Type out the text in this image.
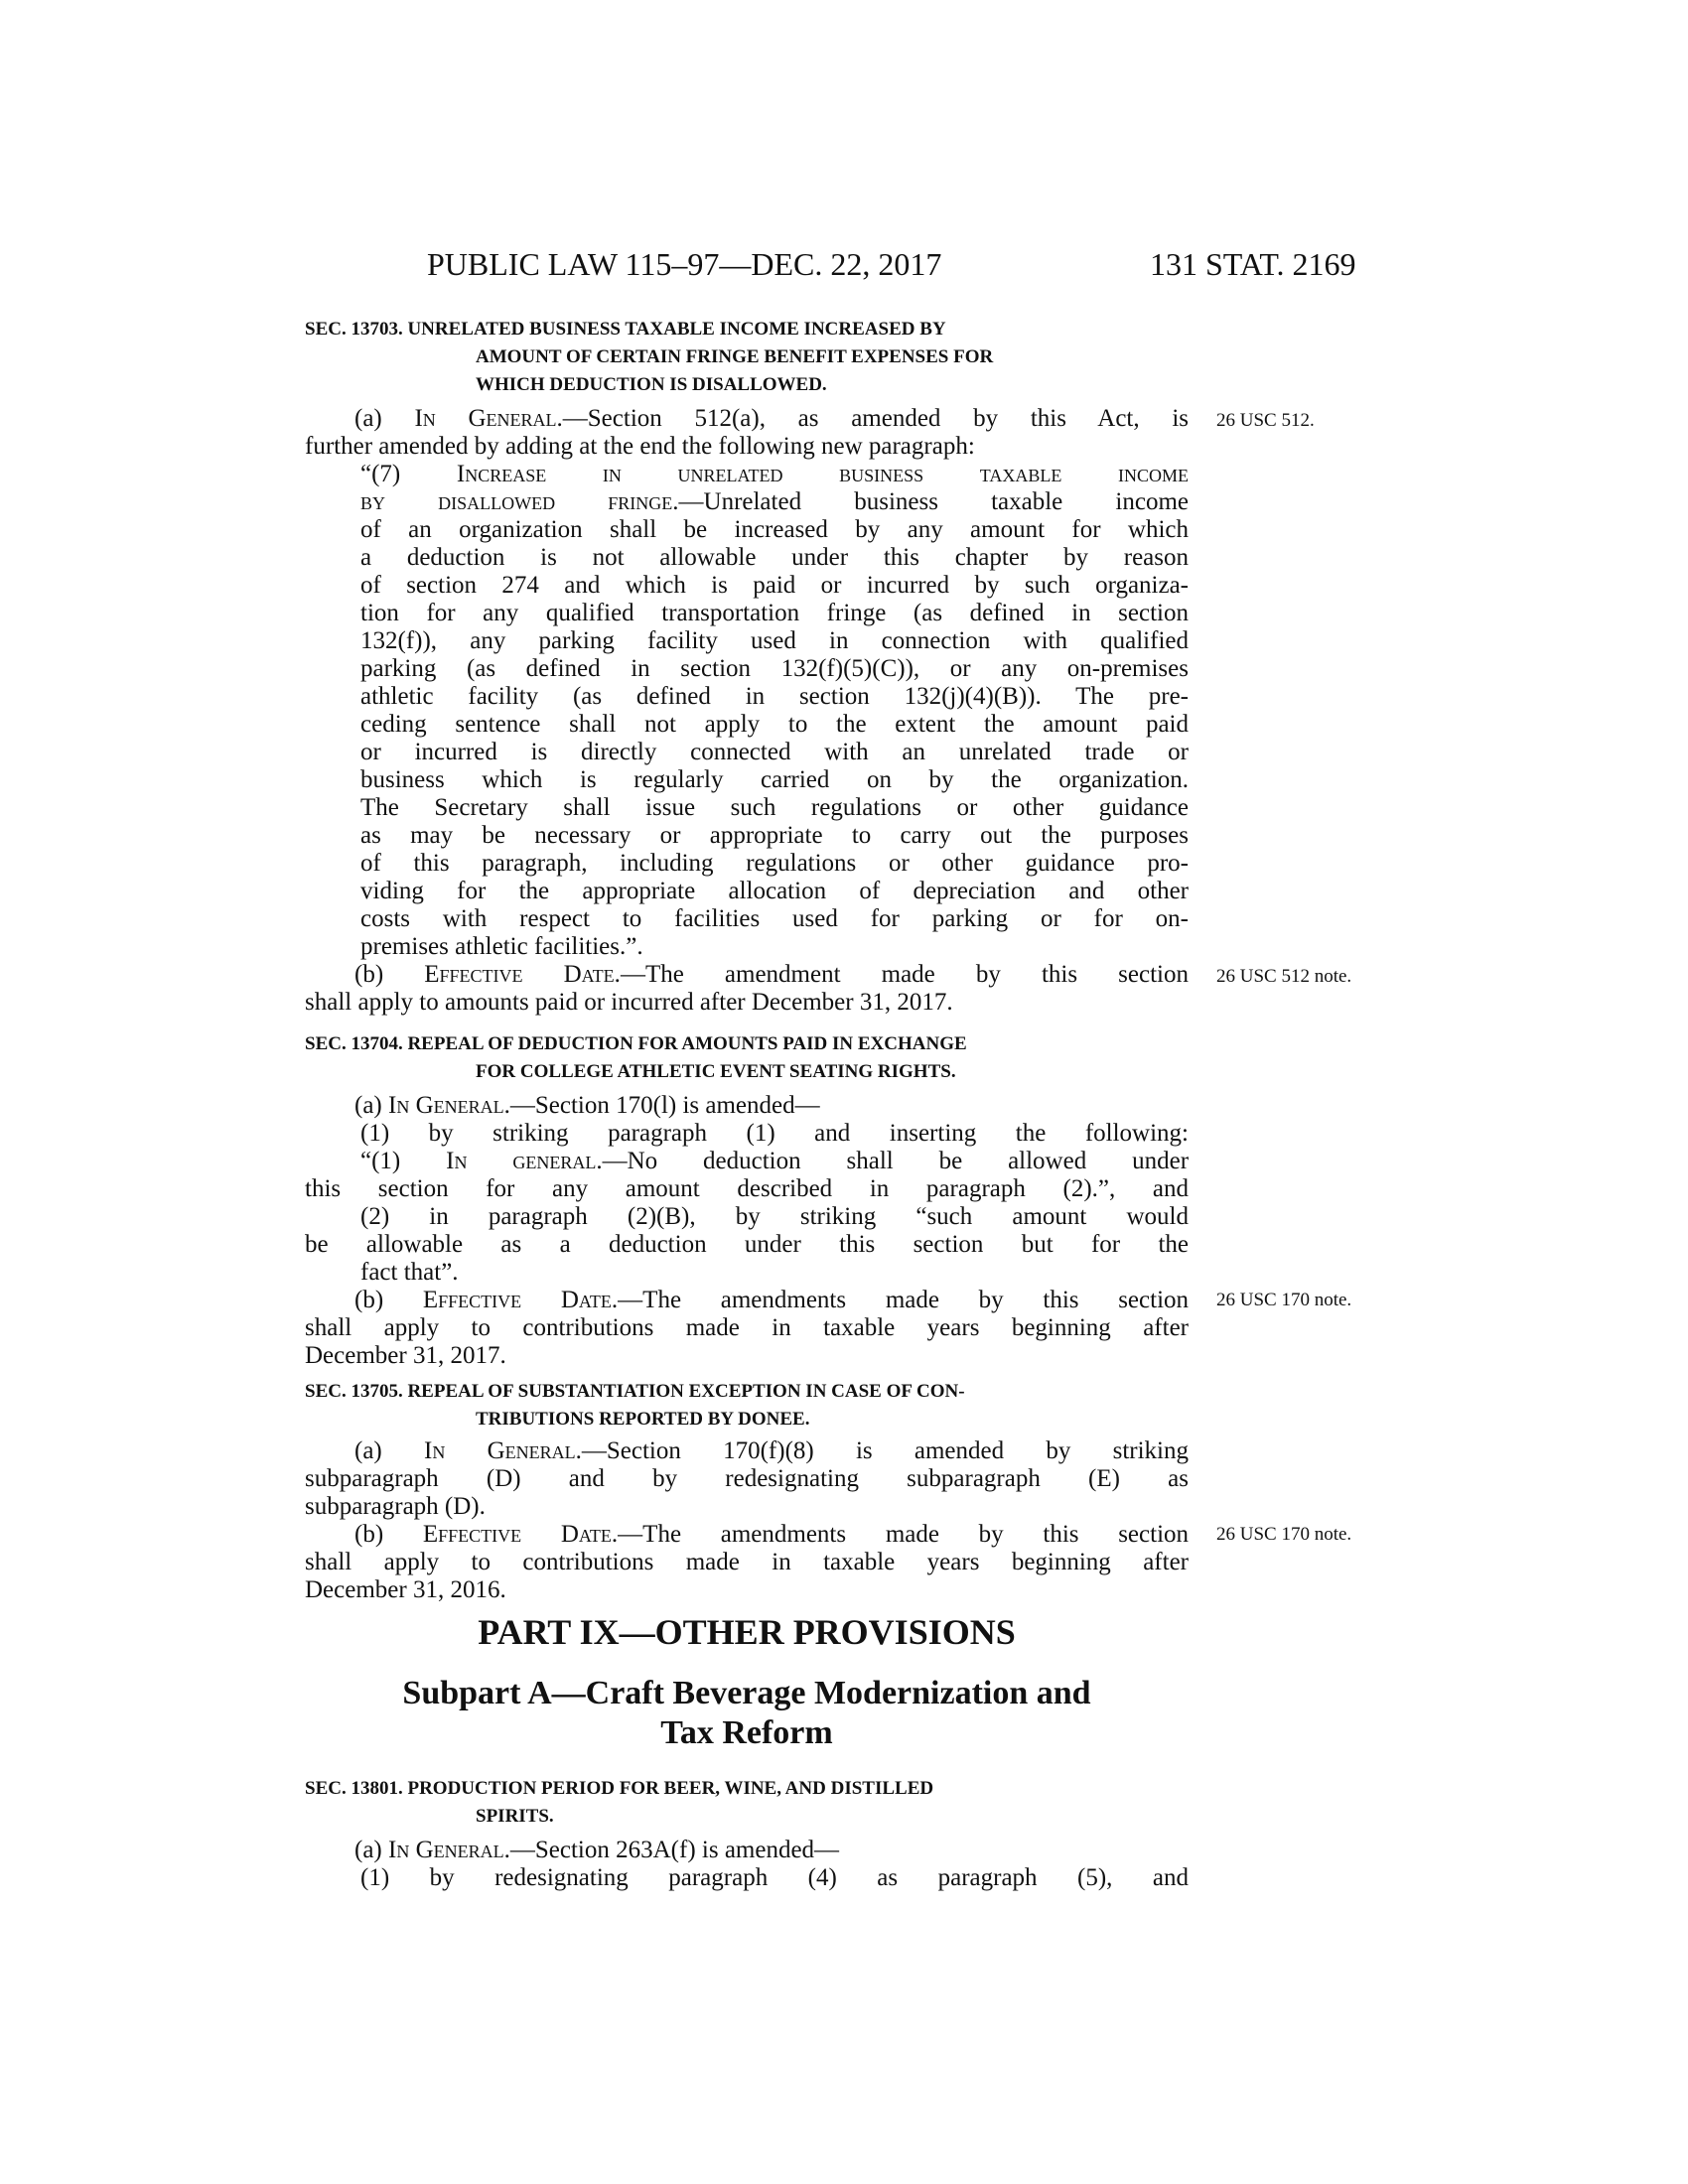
PUBLIC LAW 115–97—DEC. 22, 2017	131 STAT. 2169
SEC. 13703. UNRELATED BUSINESS TAXABLE INCOME INCREASED BY
AMOUNT OF CERTAIN FRINGE BENEFIT EXPENSES FOR
WHICH DEDUCTION IS DISALLOWED.
(a) In General.—Section 512(a), as amended by this Act, is
further amended by adding at the end the following new paragraph:
“(7) Increase in unrelated business taxable income
by disallowed fringe.—Unrelated business taxable income
of an organization shall be increased by any amount for which
a deduction is not allowable under this chapter by reason
of section 274 and which is paid or incurred by such organiza-
tion for any qualified transportation fringe (as defined in section
132(f)), any parking facility used in connection with qualified
parking (as defined in section 132(f)(5)(C)), or any on-premises
athletic facility (as defined in section 132(j)(4)(B)). The pre-
ceding sentence shall not apply to the extent the amount paid
or incurred is directly connected with an unrelated trade or
business which is regularly carried on by the organization.
The Secretary shall issue such regulations or other guidance
as may be necessary or appropriate to carry out the purposes
of this paragraph, including regulations or other guidance pro-
viding for the appropriate allocation of depreciation and other
costs with respect to facilities used for parking or for on-
premises athletic facilities.”.
(b) Effective Date.—The amendment made by this section
shall apply to amounts paid or incurred after December 31, 2017.
26 USC 512.
26 USC 512 note.
SEC. 13704. REPEAL OF DEDUCTION FOR AMOUNTS PAID IN EXCHANGE
FOR COLLEGE ATHLETIC EVENT SEATING RIGHTS.
(a) In General.—Section 170(l) is amended—
(1) by striking paragraph (1) and inserting the following:
“(1) In general.—No deduction shall be allowed under
this section for any amount described in paragraph (2).”, and
(2) in paragraph (2)(B), by striking “such amount would
be allowable as a deduction under this section but for the
fact that”.
(b) Effective Date.—The amendments made by this section
shall apply to contributions made in taxable years beginning after
December 31, 2017.
26 USC 170 note.
SEC. 13705. REPEAL OF SUBSTANTIATION EXCEPTION IN CASE OF CON-
TRIBUTIONS REPORTED BY DONEE.
(a) In General.—Section 170(f)(8) is amended by striking
subparagraph (D) and by redesignating subparagraph (E) as
subparagraph (D).
(b) Effective Date.—The amendments made by this section
shall apply to contributions made in taxable years beginning after
December 31, 2016.
26 USC 170 note.
PART IX—OTHER PROVISIONS
Subpart A—Craft Beverage Modernization and
Tax Reform
SEC. 13801. PRODUCTION PERIOD FOR BEER, WINE, AND DISTILLED
SPIRITS.
(a) In General.—Section 263A(f) is amended—
(1) by redesignating paragraph (4) as paragraph (5), and
